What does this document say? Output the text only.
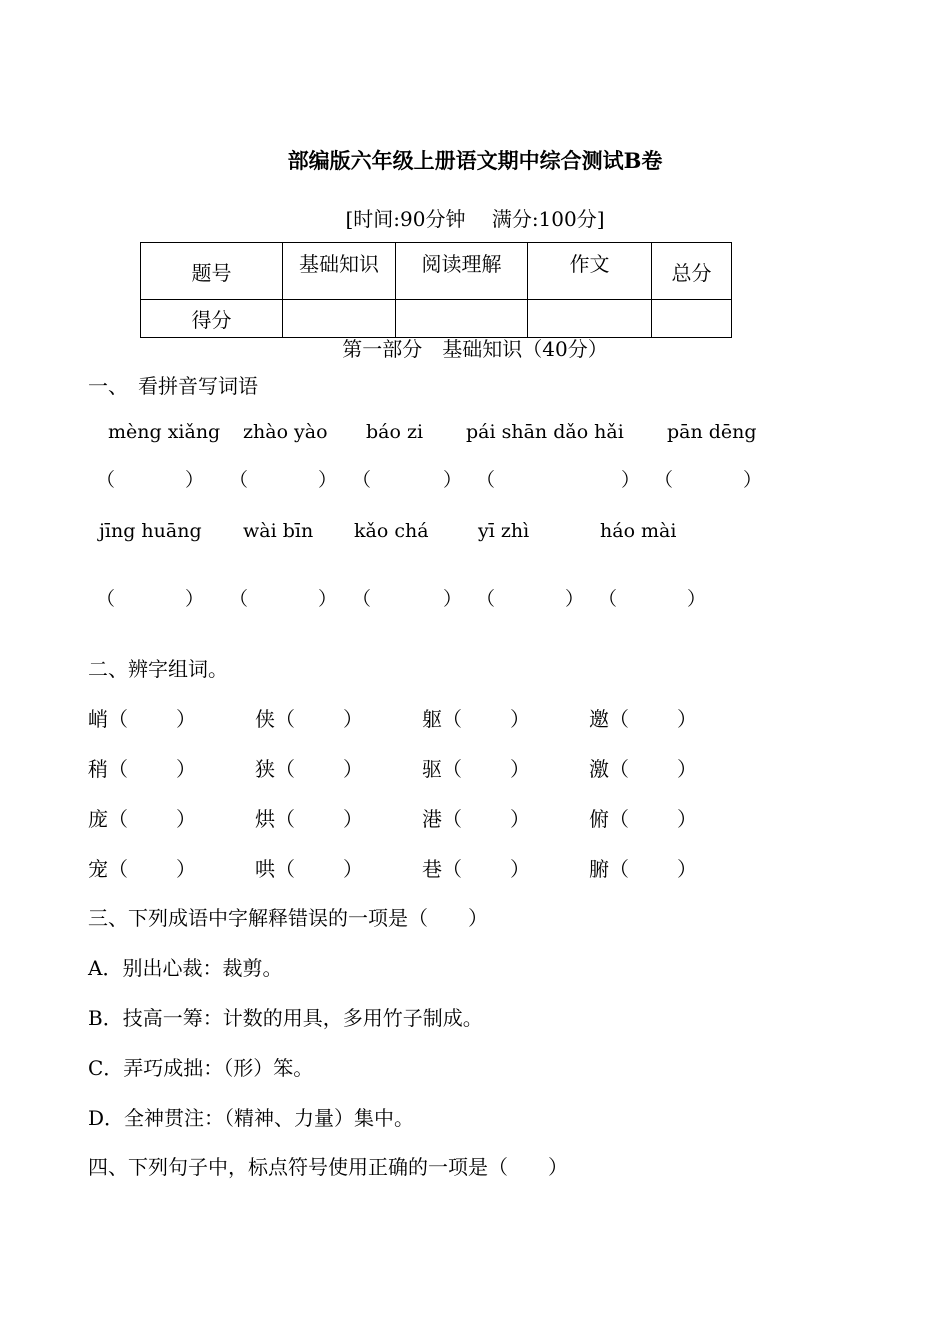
部编版六年级上册语文期中综合测试B卷
[时间:90分钟　 满分:100分]
题号	基础知识	阅读理解	作文	总分
得分				
第一部分　基础知识（40分）
一、　看拼音写词语
mèng xiǎng zhào yào báo zi pái shān dǎo hǎi pān dēng
（	） （	） （	） （	） （	）
jīng huāng wài bīn kǎo chá	yī zhì	háo mài
（	） （	） （	） （	） （	）
二、辨字组词。
峭（ ）	侠（ ）	躯（ ）	邀（ ）
稍（ ）	狭（ ）	驱（ ）	激（ ）
庞（ ）	烘（ ）	港（ ）	俯（ ）
宠（ ）	哄（ ）	巷（ ）	腑（ ）
三、下列成语中字解释错误的一项是（　　）
A．别出心裁：裁剪。
B．技高一筹：计数的用具，多用竹子制成。
C．弄巧成拙：（形）笨。
D．全神贯注：（精神、力量）集中。
四、下列句子中，标点符号使用正确的一项是（　　）
